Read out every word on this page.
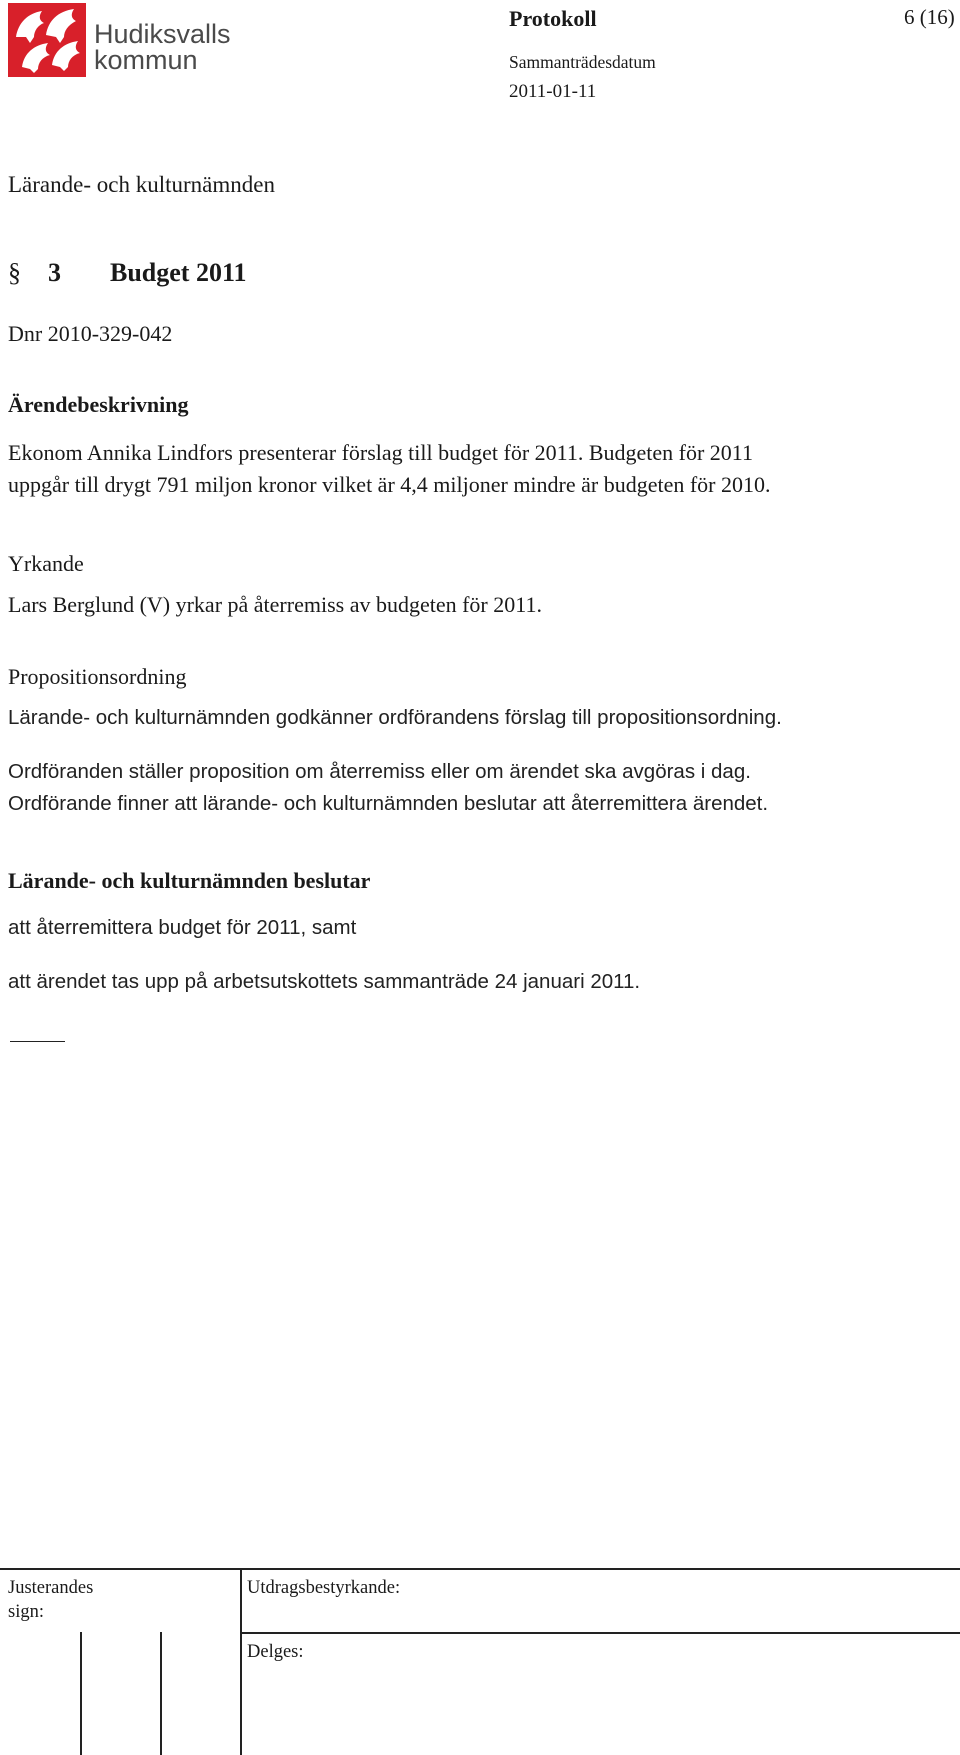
Hudiksvalls
kommun
Protokoll	6 (16)
Sammanträdesdatum
2011-01-11
Lärande- och kulturnämnden
§ 3 Budget 2011
Dnr 2010-329-042
Ärendebeskrivning
Ekonom Annika Lindfors presenterar förslag till budget för 2011. Budgeten för 2011
uppgår till drygt 791 miljon kronor vilket är 4,4 miljoner mindre är budgeten för 2010.
Yrkande
Lars Berglund (V) yrkar på återremiss av budgeten för 2011.
Propositionsordning
Lärande- och kulturnämnden godkänner ordförandens förslag till propositionsordning.
Ordföranden ställer proposition om återremiss eller om ärendet ska avgöras i dag.
Ordförande finner att lärande- och kulturnämnden beslutar att återremittera ärendet.
Lärande- och kulturnämnden beslutar
att återremittera budget för 2011, samt
att ärendet tas upp på arbetsutskottets sammanträde 24 januari 2011.
Justerandes
sign:
Utdragsbestyrkande:
Delges:
